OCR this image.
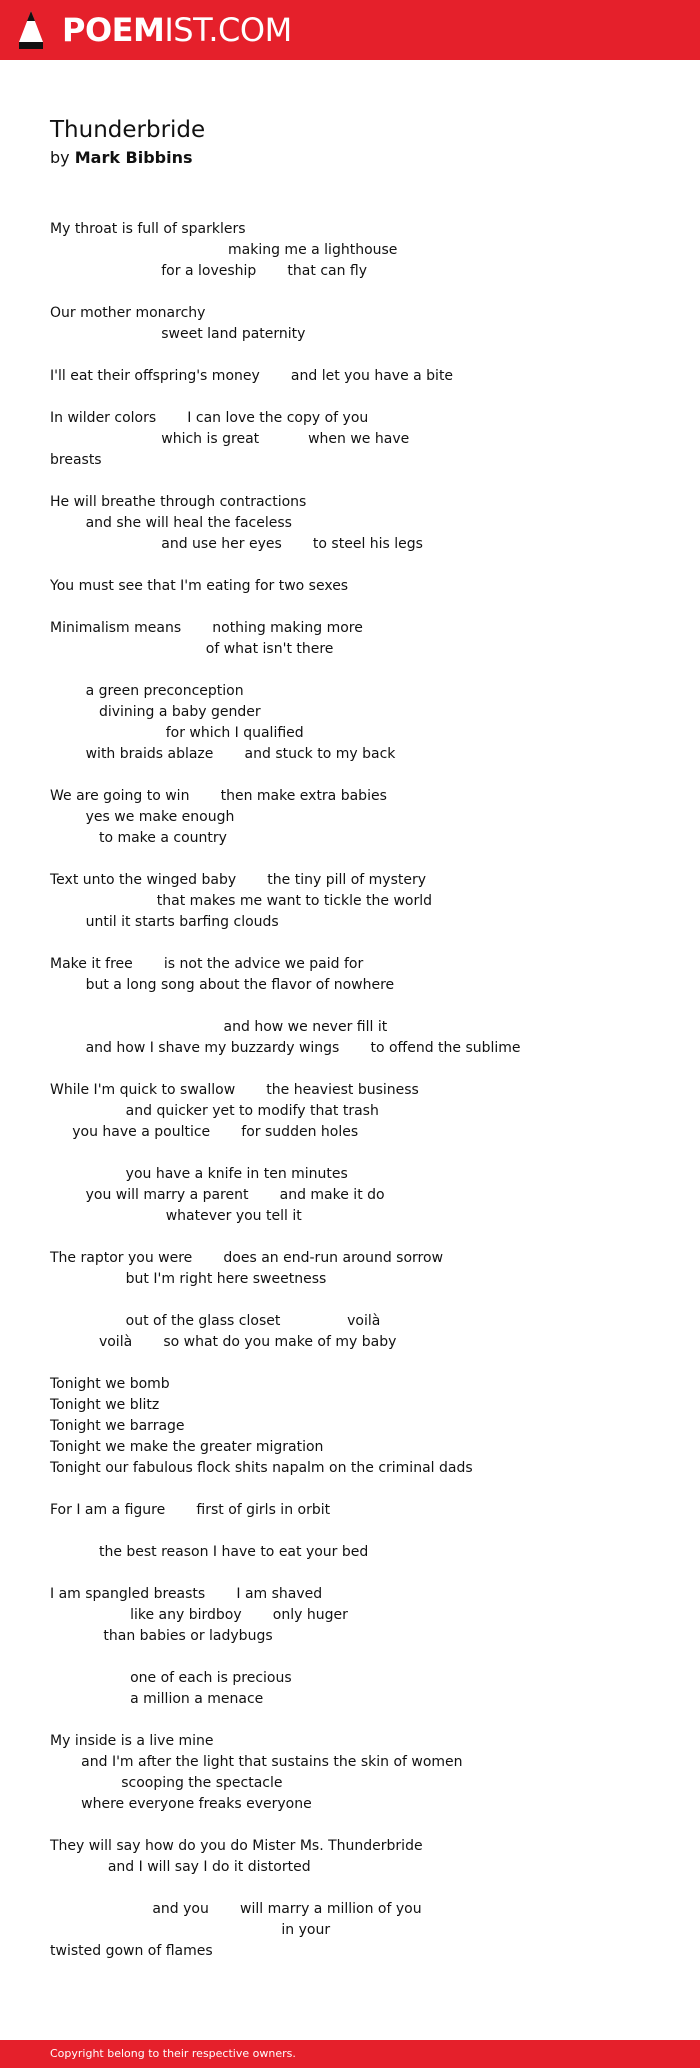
POEMIST.COM
Thunderbride

by Mark Bibbins

My throat is full of sparklers
making me a lighthouse
for a loveship       that can fly
Our mother monarchy
sweet land paternity
I'll eat their offspring's money       and let you have a bite
In wilder colors       I can love the copy of you
which is great           when we have
breasts
He will breathe through contractions
and she will heal the faceless
and use her eyes       to steel his legs
You must see that I'm eating for two sexes
Minimalism means       nothing making more
of what isn't there
a green preconception
divining a baby gender
for which I qualified
with braids ablaze       and stuck to my back
We are going to win       then make extra babies
yes we make enough
to make a country
Text unto the winged baby       the tiny pill of mystery
that makes me want to tickle the world
until it starts barfing clouds
Make it free       is not the advice we paid for
but a long song about the flavor of nowhere
and how we never fill it
and how I shave my buzzardy wings       to offend the sublime
While I'm quick to swallow       the heaviest business
and quicker yet to modify that trash
you have a poultice       for sudden holes
you have a knife in ten minutes
you will marry a parent       and make it do
whatever you tell it
The raptor you were       does an end-run around sorrow
but I'm right here sweetness
out of the glass closet               voilà
voilà       so what do you make of my baby
Tonight we bomb
Tonight we blitz
Tonight we barrage
Tonight we make the greater migration
Tonight our fabulous flock shits napalm on the criminal dads
For I am a figure       first of girls in orbit
the best reason I have to eat your bed
I am spangled breasts       I am shaved
like any birdboy       only huger
than babies or ladybugs
one of each is precious
a million a menace
My inside is a live mine
and I'm after the light that sustains the skin of women
scooping the spectacle
where everyone freaks everyone
They will say how do you do Mister Ms. Thunderbride
and I will say I do it distorted
and you       will marry a million of you
in your
twisted gown of flames
Copyright belong to their respective owners.
